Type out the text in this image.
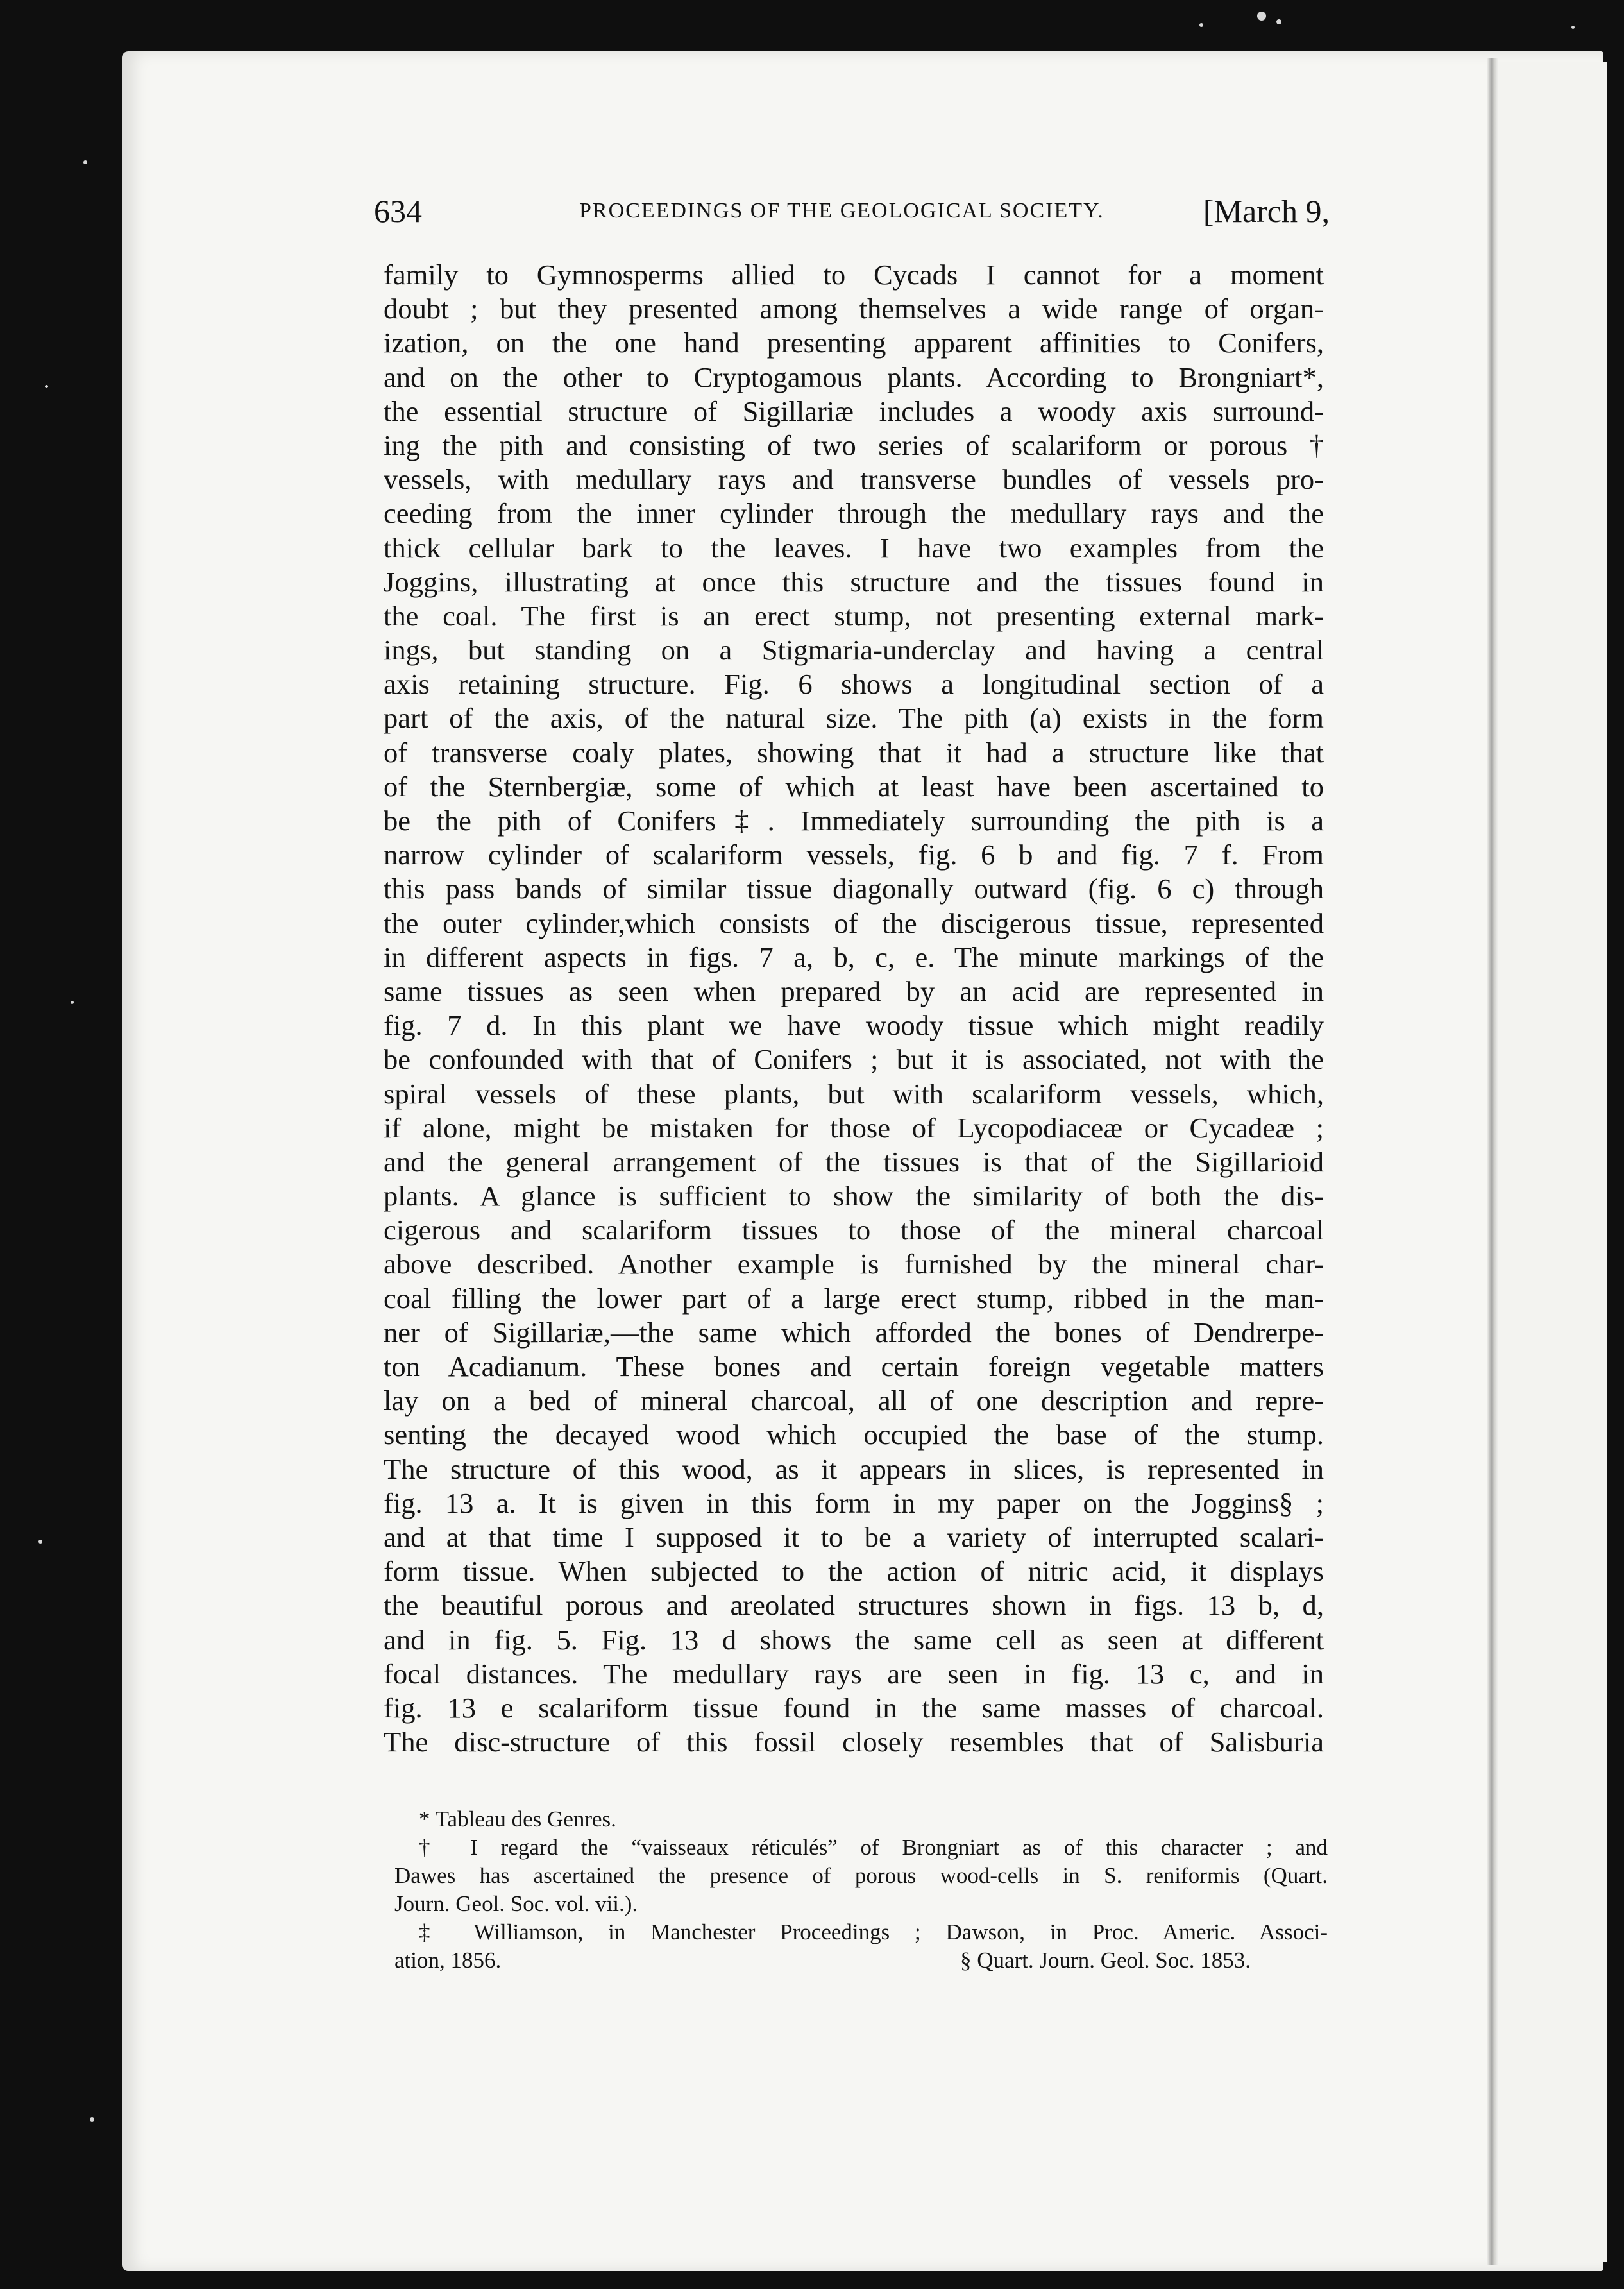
634	PROCEEDINGS OF THE GEOLOGICAL SOCIETY.	[March 9,
family to Gymnosperms allied to Cycads I cannot for a moment
doubt ; but they presented among themselves a wide range of organ-
ization, on the one hand presenting apparent affinities to Conifers,
and on the other to Cryptogamous plants. According to Brongniart*,
the essential structure of Sigillariæ includes a woody axis surround-
ing the pith and consisting of two series of scalariform or porous †
vessels, with medullary rays and transverse bundles of vessels pro-
ceeding from the inner cylinder through the medullary rays and the
thick cellular bark to the leaves. I have two examples from the
Joggins, illustrating at once this structure and the tissues found in
the coal. The first is an erect stump, not presenting external mark-
ings, but standing on a Stigmaria-underclay and having a central
axis retaining structure. Fig. 6 shows a longitudinal section of a
part of the axis, of the natural size. The pith (a) exists in the form
of transverse coaly plates, showing that it had a structure like that
of the Sternbergiæ, some of which at least have been ascertained to
be the pith of Conifers‡. Immediately surrounding the pith is a
narrow cylinder of scalariform vessels, fig. 6 b and fig. 7 f. From
this pass bands of similar tissue diagonally outward (fig. 6 c) through
the outer cylinder,which consists of the discigerous tissue, represented
in different aspects in figs. 7 a, b, c, e. The minute markings of the
same tissues as seen when prepared by an acid are represented in
fig. 7 d. In this plant we have woody tissue which might readily
be confounded with that of Conifers ; but it is associated, not with the
spiral vessels of these plants, but with scalariform vessels, which,
if alone, might be mistaken for those of Lycopodiaceæ or Cycadeæ ;
and the general arrangement of the tissues is that of the Sigillarioid
plants. A glance is sufficient to show the similarity of both the dis-
cigerous and scalariform tissues to those of the mineral charcoal
above described. Another example is furnished by the mineral char-
coal filling the lower part of a large erect stump, ribbed in the man-
ner of Sigillariæ,—the same which afforded the bones of Dendrerpe-
ton Acadianum. These bones and certain foreign vegetable matters
lay on a bed of mineral charcoal, all of one description and repre-
senting the decayed wood which occupied the base of the stump.
The structure of this wood, as it appears in slices, is represented in
fig. 13 a. It is given in this form in my paper on the Joggins§ ;
and at that time I supposed it to be a variety of interrupted scalari-
form tissue. When subjected to the action of nitric acid, it displays
the beautiful porous and areolated structures shown in figs. 13 b, d,
and in fig. 5. Fig. 13 d shows the same cell as seen at different
focal distances. The medullary rays are seen in fig. 13 c, and in
fig. 13 e scalariform tissue found in the same masses of charcoal.
The disc-structure of this fossil closely resembles that of Salisburia
* Tableau des Genres.
† I regard the “vaisseaux réticulés” of Brongniart as of this character ; and
Dawes has ascertained the presence of porous wood-cells in S. reniformis (Quart.
Journ. Geol. Soc. vol. vii.).
‡ Williamson, in Manchester Proceedings ; Dawson, in Proc. Americ. Associ-
ation, 1856.	§ Quart. Journ. Geol. Soc. 1853.
